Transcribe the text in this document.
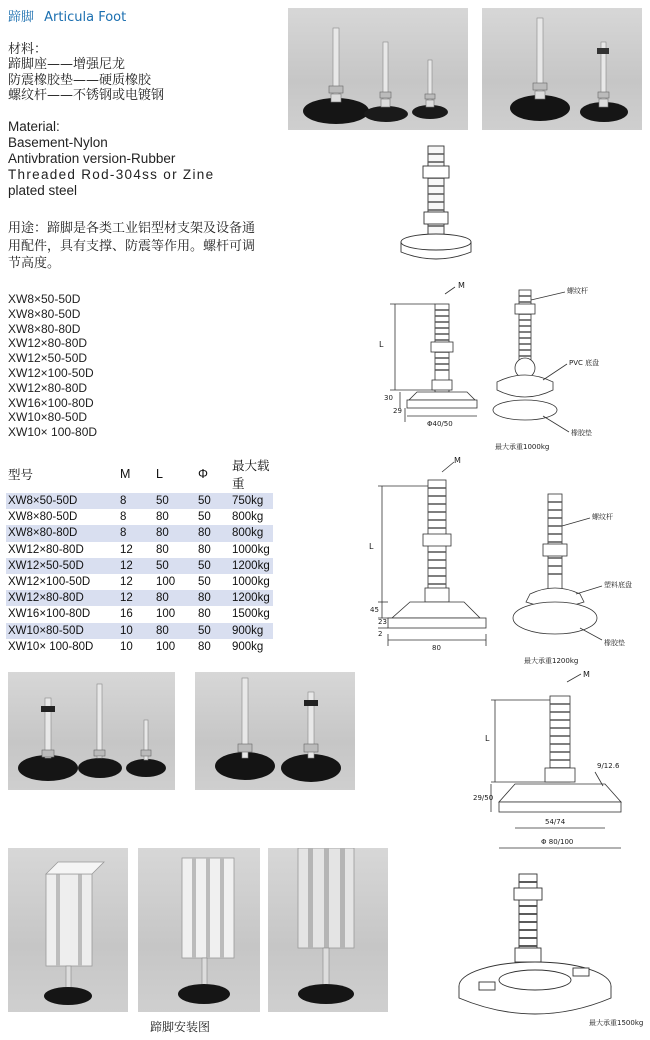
蹄脚 Articula Foot
材料：
蹄脚座——增强尼龙
防震橡胶垫——硬质橡胶
螺纹杆——不锈钢或电镀钢
Material:
Basement-Nylon
Antivbration version-Rubber
Threaded Rod-304ss or Zine
plated steel
用途：蹄脚是各类工业铝型材支架及设备通用配件，具有支撑、防震等作用。螺杆可调节高度。
XW8×50-50D
XW8×80-50D
XW8×80-80D
XW12×80-80D
XW12×50-50D
XW12×100-50D
XW12×80-80D
XW16×100-80D
XW10×80-50D
XW10× 100-80D
型号	M	L	Φ	最大载重
XW8×50-50D	8	50	50	750kg
XW8×80-50D	8	80	50	800kg
XW8×80-80D	8	80	80	800kg
XW12×80-80D	12	80	80	1000kg
XW12×50-50D	12	50	50	1200kg
XW12×100-50D	12	100	50	1000kg
XW12×80-80D	12	80	80	1200kg
XW16×100-80D	16	100	80	1500kg
XW10×80-50D	10	80	50	900kg
XW10× 100-80D	10	100	80	900kg
M
L
30
29
Φ40/50
螺纹杆
PVC 底盘
橡胶垫
最大承重1000kg
M
L
45
23
2
80
螺纹杆
塑料底盘
橡胶垫
最大承重1200kg
M
L
29/50
9/12.6
54/74
Φ 80/100
最大承重1500kg
蹄脚安装图
